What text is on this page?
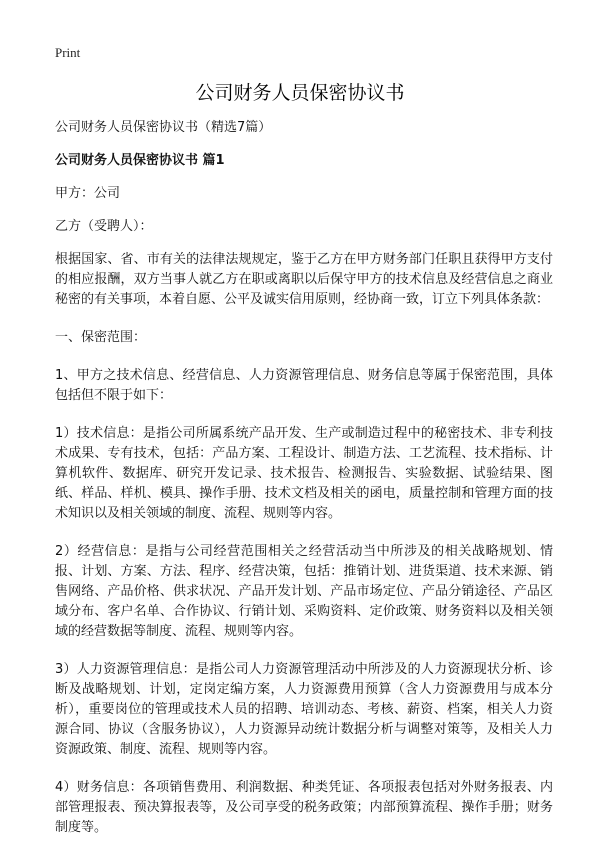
Print
公司财务人员保密协议书

公司财务人员保密协议书（精选7篇）

公司财务人员保密协议书 篇1

甲方：公司

乙方（受聘人）：

根据国家、省、市有关的法律法规规定，鉴于乙方在甲方财务部门任职且获得甲方支付的相应报酬，双方当事人就乙方在职或离职以后保守甲方的技术信息及经营信息之商业秘密的有关事项，本着自愿、公平及诚实信用原则，经协商一致，订立下列具体条款：

一、保密范围：

1、甲方之技术信息、经营信息、人力资源管理信息、财务信息等属于保密范围，具体包括但不限于如下：

1）技术信息：是指公司所属系统产品开发、生产或制造过程中的秘密技术、非专利技术成果、专有技术，包括：产品方案、工程设计、制造方法、工艺流程、技术指标、计算机软件、数据库、研究开发记录、技术报告、检测报告、实验数据、试验结果、图纸、样品、样机、模具、操作手册、技术文档及相关的函电，质量控制和管理方面的技术知识以及相关领域的制度、流程、规则等内容。

2）经营信息：是指与公司经营范围相关之经营活动当中所涉及的相关战略规划、情报、计划、方案、方法、程序、经营决策，包括：推销计划、进货渠道、技术来源、销售网络、产品价格、供求状况、产品开发计划、产品市场定位、产品分销途径、产品区域分布、客户名单、合作协议、行销计划、采购资料、定价政策、财务资料以及相关领域的经营数据等制度、流程、规则等内容。

3）人力资源管理信息：是指公司人力资源管理活动中所涉及的人力资源现状分析、诊断及战略规划、计划，定岗定编方案，人力资源费用预算（含人力资源费用与成本分析），重要岗位的管理或技术人员的招聘、培训动态、考核、薪资、档案，相关人力资源合同、协议（含服务协议），人力资源异动统计数据分析与调整对策等，及相关人力资源政策、制度、流程、规则等内容。

4）财务信息：各项销售费用、利润数据、种类凭证、各项报表包括对外财务报表、内部管理报表、预决算报表等，及公司享受的税务政策；内部预算流程、操作手册；财务制度等。
